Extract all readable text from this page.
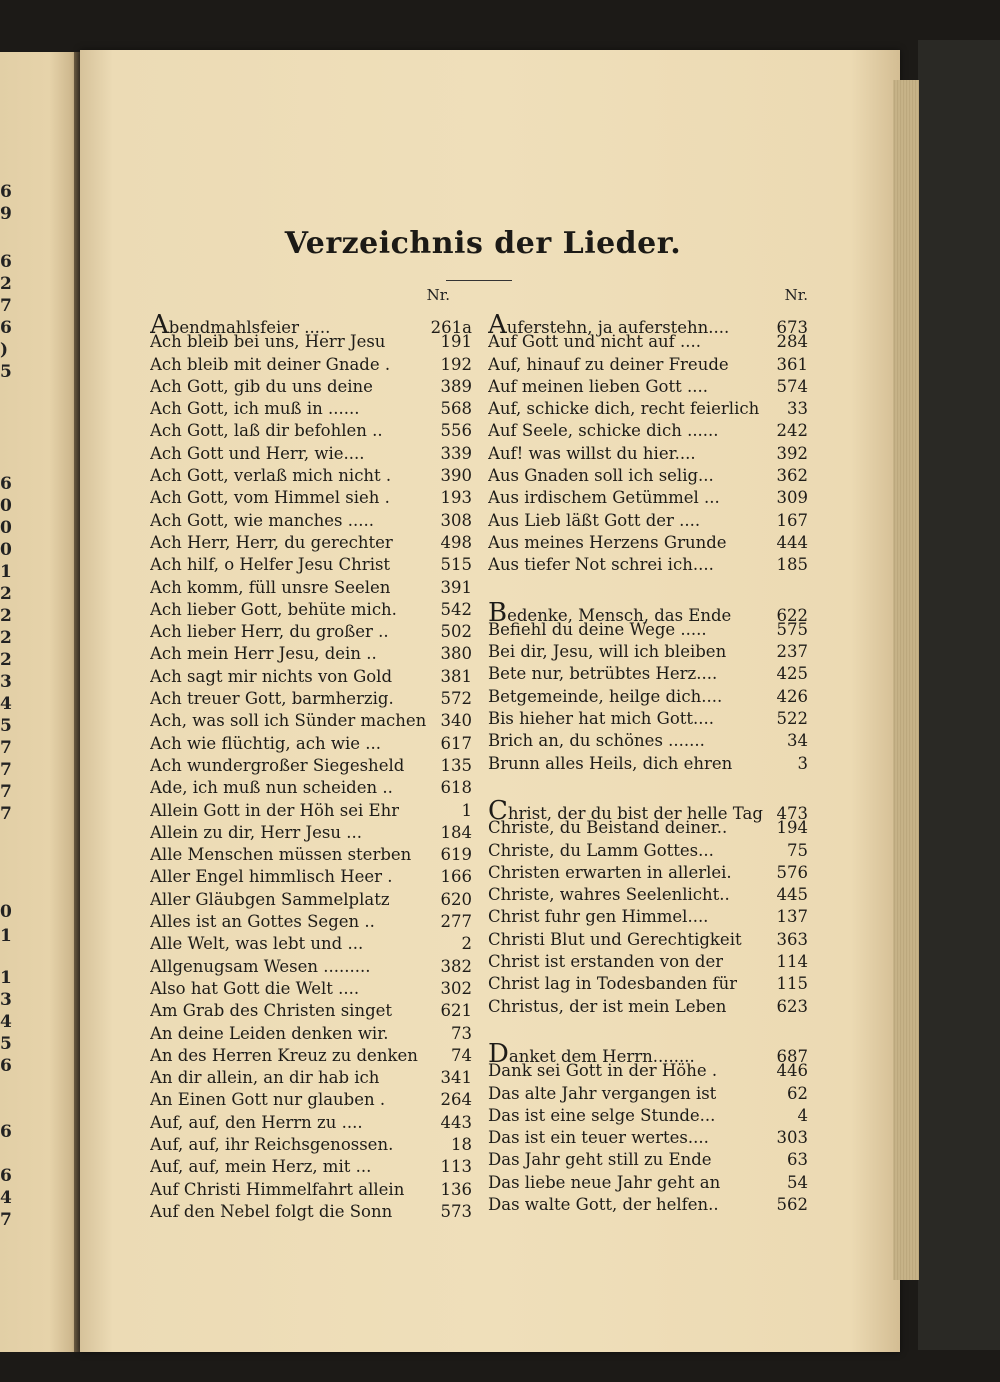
6
9
6
2
7
6
)
5
6
0
0
0
1
2
2
2
2
3
4
5
7
7
7
7
0
1
1
3
4
5
6
6
6
4
7
Verzeichnis der Lieder.
Nr.
Abendmahlsfeier .....	261a
Ach bleib bei uns, Herr Jesu	191
Ach bleib mit deiner Gnade .	192
Ach Gott, gib du uns deine	389
Ach Gott, ich muß in ......	568
Ach Gott, laß dir befohlen ..	556
Ach Gott und Herr, wie....	339
Ach Gott, verlaß mich nicht .	390
Ach Gott, vom Himmel sieh .	193
Ach Gott, wie manches .....	308
Ach Herr, Herr, du gerechter	498
Ach hilf, o Helfer Jesu Christ	515
Ach komm, füll unsre Seelen	391
Ach lieber Gott, behüte mich.	542
Ach lieber Herr, du großer ..	502
Ach mein Herr Jesu, dein ..	380
Ach sagt mir nichts von Gold	381
Ach treuer Gott, barmherzig.	572
Ach, was soll ich Sünder machen 340
Ach wie flüchtig, ach wie ...	617
Ach wundergroßer Siegesheld	135
Ade, ich muß nun scheiden ..	618
Allein Gott in der Höh sei Ehr	1
Allein zu dir, Herr Jesu ...	184
Alle Menschen müssen sterben	619
Aller Engel himmlisch Heer .	166
Aller Gläubgen Sammelplatz	620
Alles ist an Gottes Segen ..	277
Alle Welt, was lebt und ...	2
Allgenugsam Wesen .........	382
Also hat Gott die Welt ....	302
Am Grab des Christen singet	621
An deine Leiden denken wir.	73
An des Herren Kreuz zu denken	74
An dir allein, an dir hab ich	341
An Einen Gott nur glauben .	264
Auf, auf, den Herrn zu ....	443
Auf, auf, ihr Reichsgenossen.	18
Auf, auf, mein Herz, mit ...	113
Auf Christi Himmelfahrt allein	136
Auf den Nebel folgt die Sonn	573
Nr.
Auferstehn, ja auferstehn....	673
Auf Gott und nicht auf ....	284
Auf, hinauf zu deiner Freude	361
Auf meinen lieben Gott ....	574
Auf, schicke dich, recht feierlich	33
Auf Seele, schicke dich ......	242
Auf! was willst du hier....	392
Aus Gnaden soll ich selig...	362
Aus irdischem Getümmel ...	309
Aus Lieb läßt Gott der ....	167
Aus meines Herzens Grunde	444
Aus tiefer Not schrei ich....	185
Bedenke, Mensch, das Ende	622
Befiehl du deine Wege .....	575
Bei dir, Jesu, will ich bleiben	237
Bete nur, betrübtes Herz....	425
Betgemeinde, heilge dich....	426
Bis hieher hat mich Gott....	522
Brich an, du schönes .......	34
Brunn alles Heils, dich ehren	3
Christ, der du bist der helle Tag 473
Christe, du Beistand deiner..	194
Christe, du Lamm Gottes...	75
Christen erwarten in allerlei.	576
Christe, wahres Seelenlicht..	445
Christ fuhr gen Himmel....	137
Christi Blut und Gerechtigkeit	363
Christ ist erstanden von der	114
Christ lag in Todesbanden für	115
Christus, der ist mein Leben	623
Danket dem Herrn........	687
Dank sei Gott in der Höhe .	446
Das alte Jahr vergangen ist	62
Das ist eine selge Stunde...	4
Das ist ein teuer wertes....	303
Das Jahr geht still zu Ende	63
Das liebe neue Jahr geht an	54
Das walte Gott, der helfen..	562
